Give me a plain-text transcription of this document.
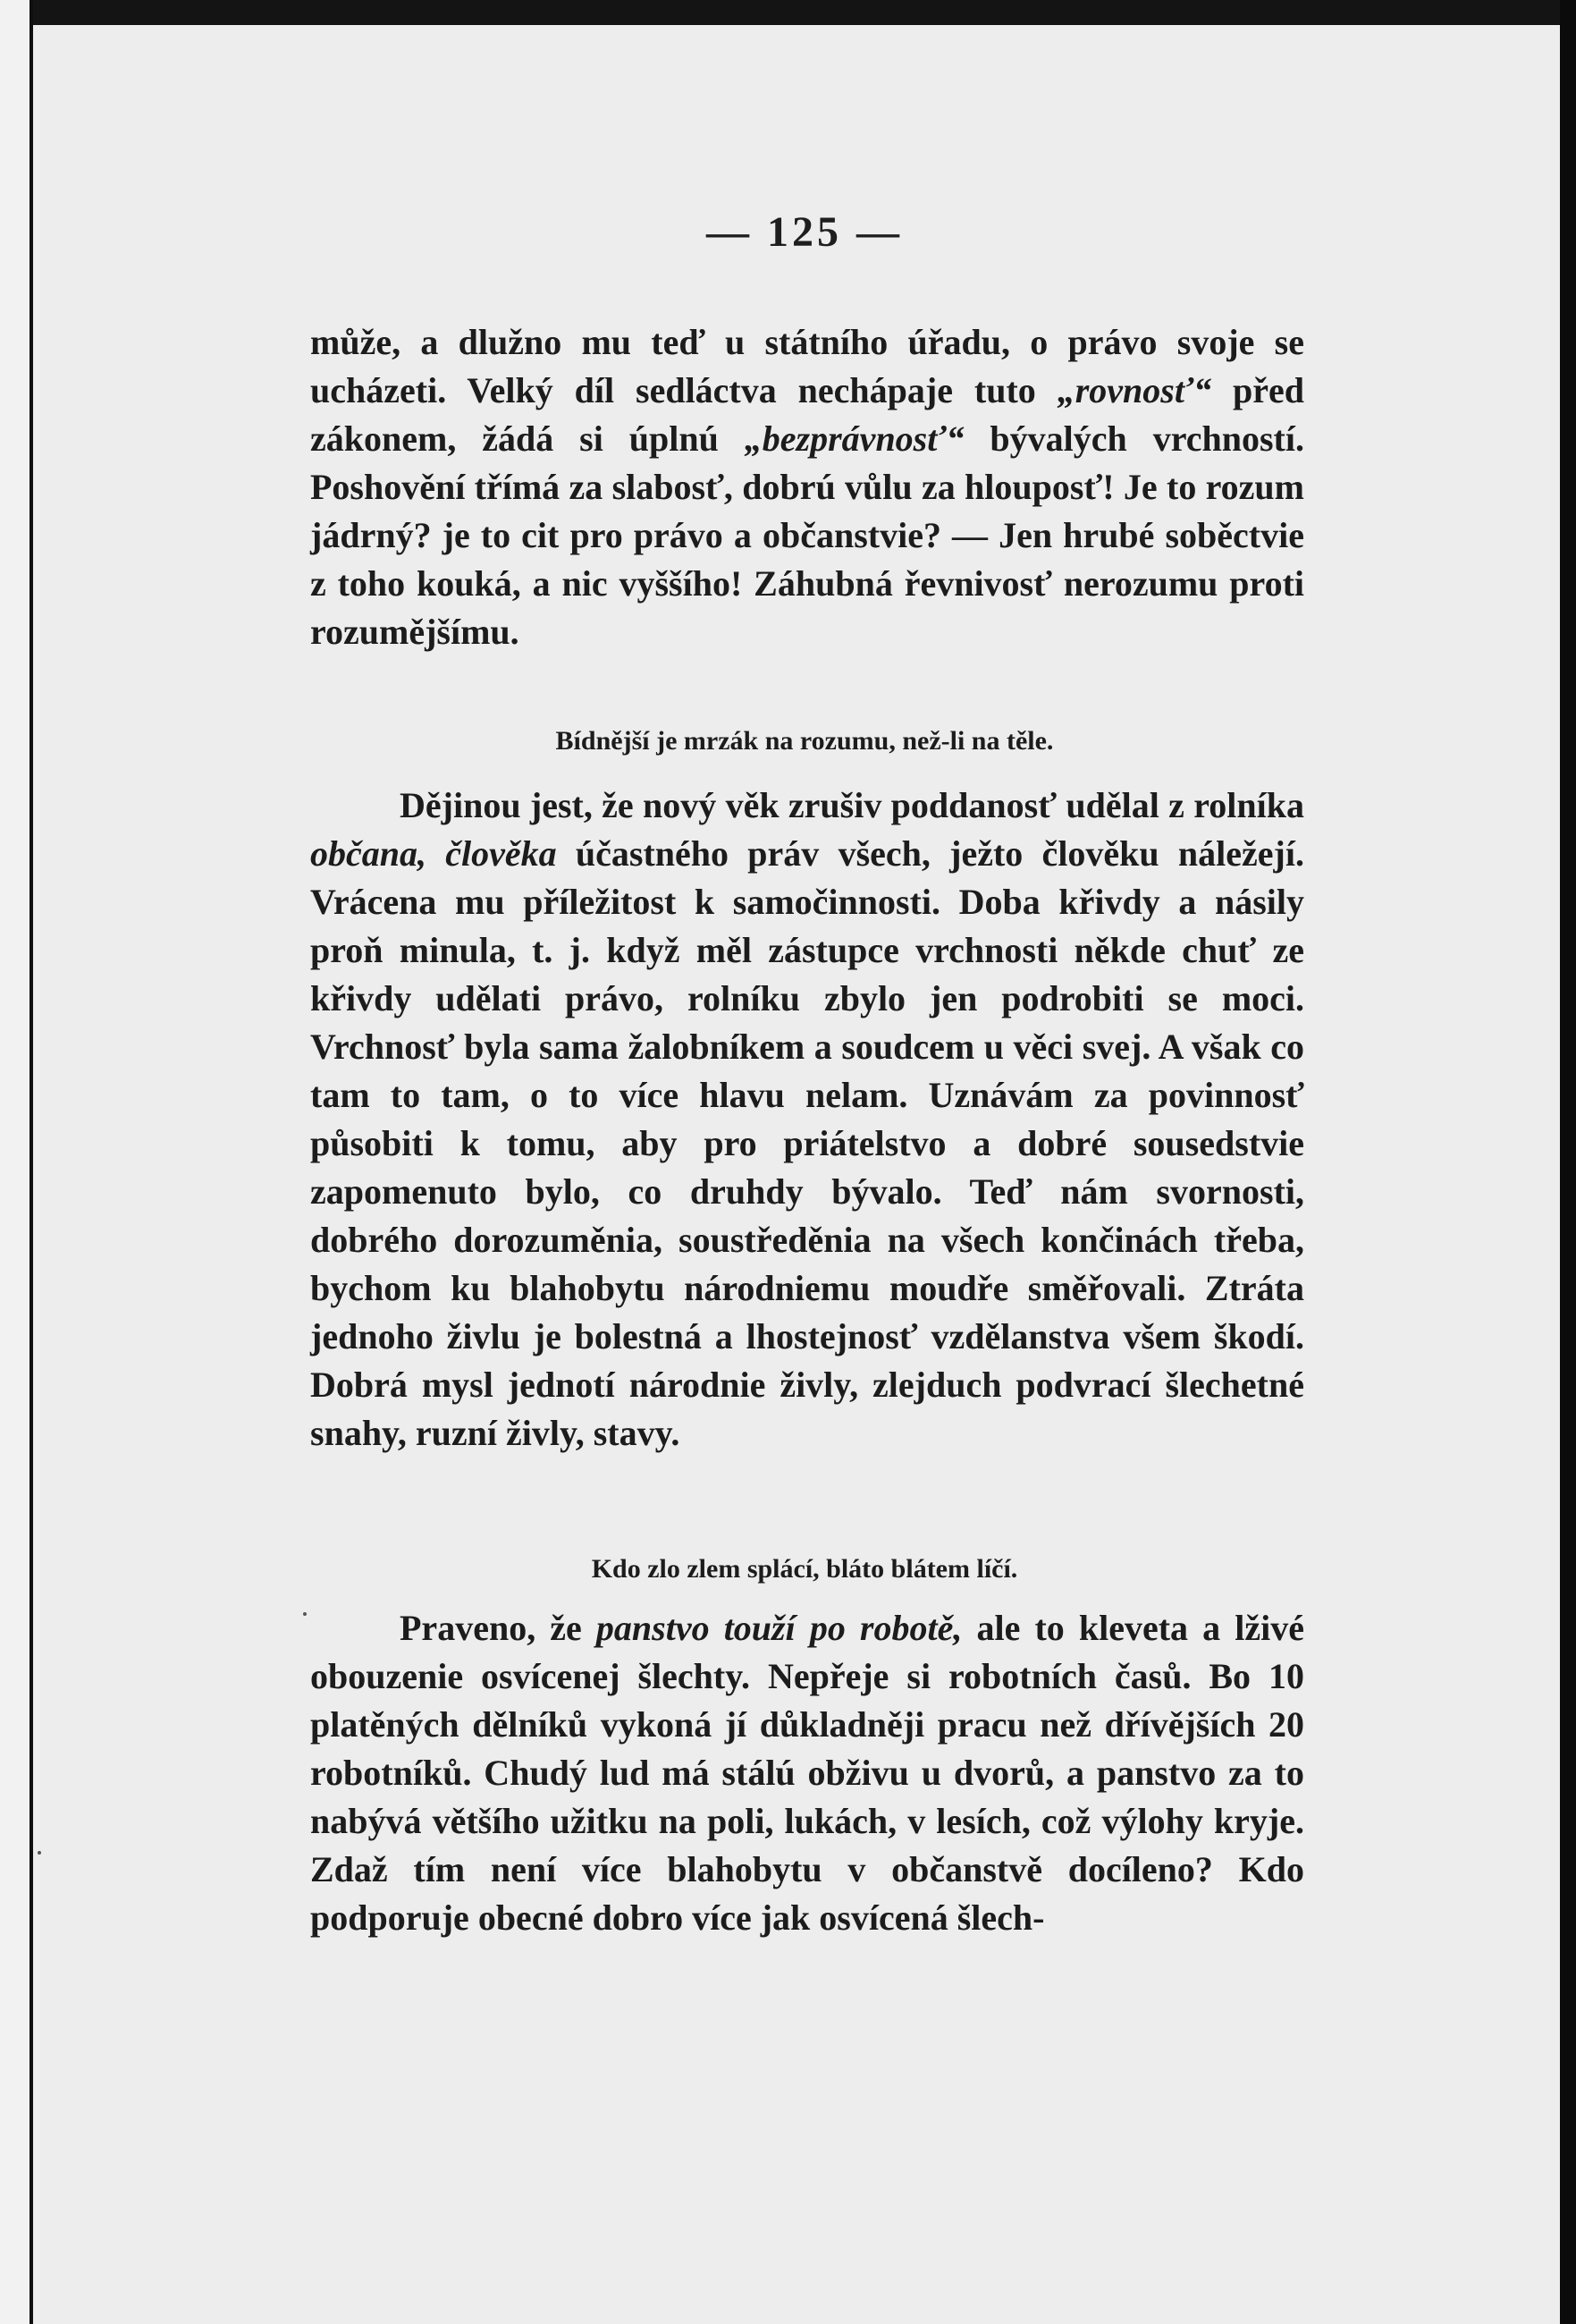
— 125 —

může, a dlužno mu teď u státního úřadu, o právo svoje se ucházeti. Velký díl sedláctva nechápaje tuto „rovnosť“ před zákonem, žádá si úplnú „bezprávnosť“ bývalých vrchností. Poshovění třímá za slabosť, dobrú vůlu za hlouposť! Je to rozum jádrný? je to cit pro právo a občanstvie? — Jen hrubé soběctvie z toho kouká, a nic vyššího! Záhubná řevnivosť nerozumu proti rozumějšímu.

Bídnější je mrzák na rozumu, než-li na těle.

Dějinou jest, že nový věk zrušiv poddanosť udělal z rolníka občana, člověka účastného práv všech, ježto člověku náležejí. Vrácena mu příležitost k samočinnosti. Doba křivdy a násily proň minula, t. j. když měl zástupce vrchnosti někde chuť ze křivdy udělati právo, rolníku zbylo jen podrobiti se moci. Vrchnosť byla sama žalobníkem a soudcem u věci svej. A však co tam to tam, o to více hlavu nelam. Uznávám za povinnosť působiti k tomu, aby pro priátelstvo a dobré sousedstvie zapomenuto bylo, co druhdy bývalo. Teď nám svornosti, dobrého dorozuměnia, soustředěnia na všech končinách třeba, bychom ku blahobytu národniemu moudře směřovali. Ztráta jednoho živlu je bolestná a lhostejnosť vzdělanstva všem škodí. Dobrá mysl jednotí národnie živly, zlejduch podvrací šlechetné snahy, ruzní živly, stavy.

Kdo zlo zlem splácí, bláto blátem líčí.

Praveno, že panstvo touží po robotě, ale to kleveta a lživé obouzenie osvícenej šlechty. Nepřeje si robotních časů. Bo 10 platěných dělníků vykoná jí důkladněji pracu než dřívějších 20 robotníků. Chudý lud má stálú obživu u dvorů, a panstvo za to nabývá většího užitku na poli, lukách, v lesích, což výlohy kryje. Zdaž tím není více blahobytu v občanstvě docíleno? Kdo podporuje obecné dobro více jak osvícená šlech-
